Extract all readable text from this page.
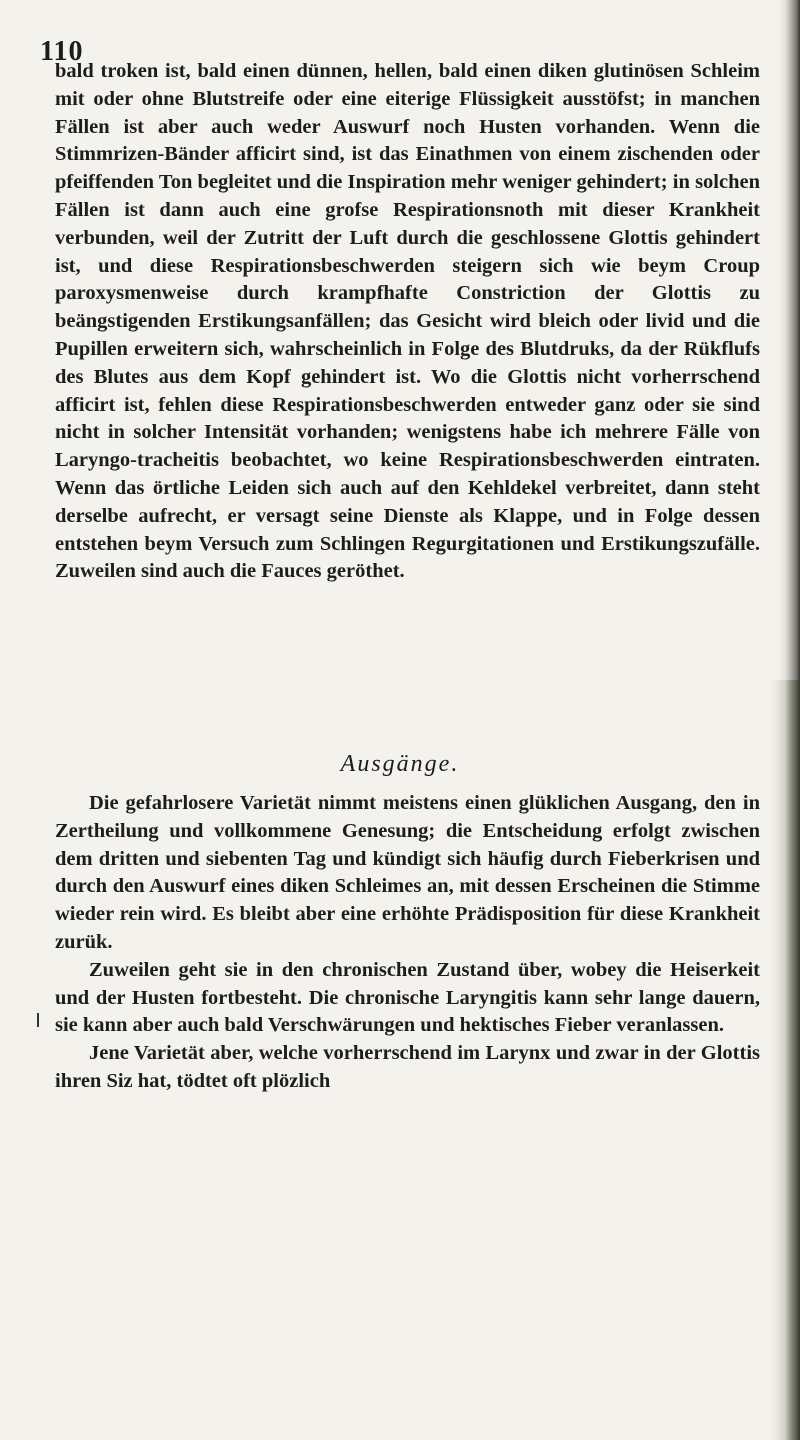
110

bald troken ist, bald einen dünnen, hellen, bald einen diken glutinösen Schleim mit oder ohne Blutstreife oder eine eiterige Flüssigkeit ausstöfst; in manchen Fällen ist aber auch weder Auswurf noch Husten vorhanden. Wenn die Stimmrizen-Bänder afficirt sind, ist das Einathmen von einem zischenden oder pfeiffenden Ton begleitet und die Inspiration mehr weniger gehindert; in solchen Fällen ist dann auch eine grofse Respirationsnoth mit dieser Krankheit verbunden, weil der Zutritt der Luft durch die geschlossene Glottis gehindert ist, und diese Respirationsbeschwerden steigern sich wie beym Croup paroxysmenweise durch krampfhafte Constriction der Glottis zu beängstigenden Erstikungsanfällen; das Gesicht wird bleich oder livid und die Pupillen erweitern sich, wahrscheinlich in Folge des Blutdruks, da der Rükflufs des Blutes aus dem Kopf gehindert ist. Wo die Glottis nicht vorherrschend afficirt ist, fehlen diese Respirationsbeschwerden entweder ganz oder sie sind nicht in solcher Intensität vorhanden; wenigstens habe ich mehrere Fälle von Laryngo-tracheitis beobachtet, wo keine Respirationsbeschwerden eintraten. Wenn das örtliche Leiden sich auch auf den Kehldekel verbreitet, dann steht derselbe aufrecht, er versagt seine Dienste als Klappe, und in Folge dessen entstehen beym Versuch zum Schlingen Regurgitationen und Erstikungszufälle. Zuweilen sind auch die Fauces geröthet.

Ausgänge.

Die gefahrlosere Varietät nimmt meistens einen glüklichen Ausgang, den in Zertheilung und vollkommene Genesung; die Entscheidung erfolgt zwischen dem dritten und siebenten Tag und kündigt sich häufig durch Fieberkrisen und durch den Auswurf eines diken Schleimes an, mit dessen Erscheinen die Stimme wieder rein wird. Es bleibt aber eine erhöhte Prädisposition für diese Krankheit zurük.

Zuweilen geht sie in den chronischen Zustand über, wobey die Heiserkeit und der Husten fortbesteht. Die chronische Laryngitis kann sehr lange dauern, sie kann aber auch bald Verschwärungen und hektisches Fieber veranlassen.

Jene Varietät aber, welche vorherrschend im Larynx und zwar in der Glottis ihren Siz hat, tödtet oft plözlich
